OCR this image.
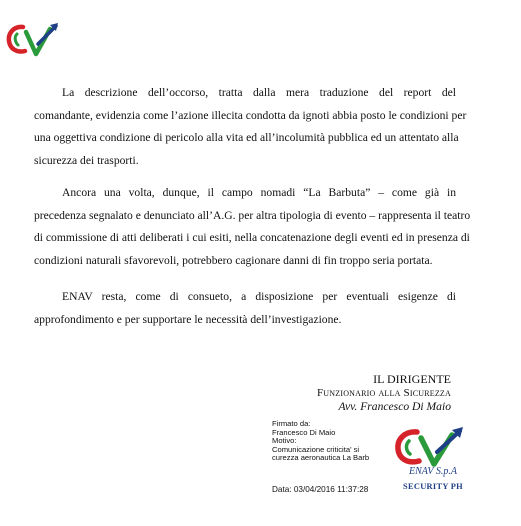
La descrizione dell’occorso, tratta dalla mera traduzione del report del
comandante, evidenzia come l’azione illecita condotta da ignoti abbia posto le condizioni per
una oggettiva condizione di pericolo alla vita ed all’incolumità pubblica ed un attentato alla
sicurezza dei trasporti.
Ancora una volta, dunque, il campo nomadi “La Barbuta” – come già in
precedenza segnalato e denunciato all’A.G. per altra tipologia di evento – rappresenta il teatro
di commissione di atti deliberati i cui esiti, nella concatenazione degli eventi ed in presenza di
condizioni naturali sfavorevoli, potrebbero cagionare danni di fin troppo seria portata.
ENAV resta, come di consueto, a disposizione per eventuali esigenze di
approfondimento e per supportare le necessità dell’investigazione.
IL DIRIGENTE
Funzionario alla Sicurezza
Avv. Francesco Di Maio
Firmato da:
Francesco Di Maio
Motivo:
Comunicazione criticita' si
curezza aeronautica La Barb
Data: 03/04/2016 11:37:28
ENAV S.p.A
SECURITY PH
